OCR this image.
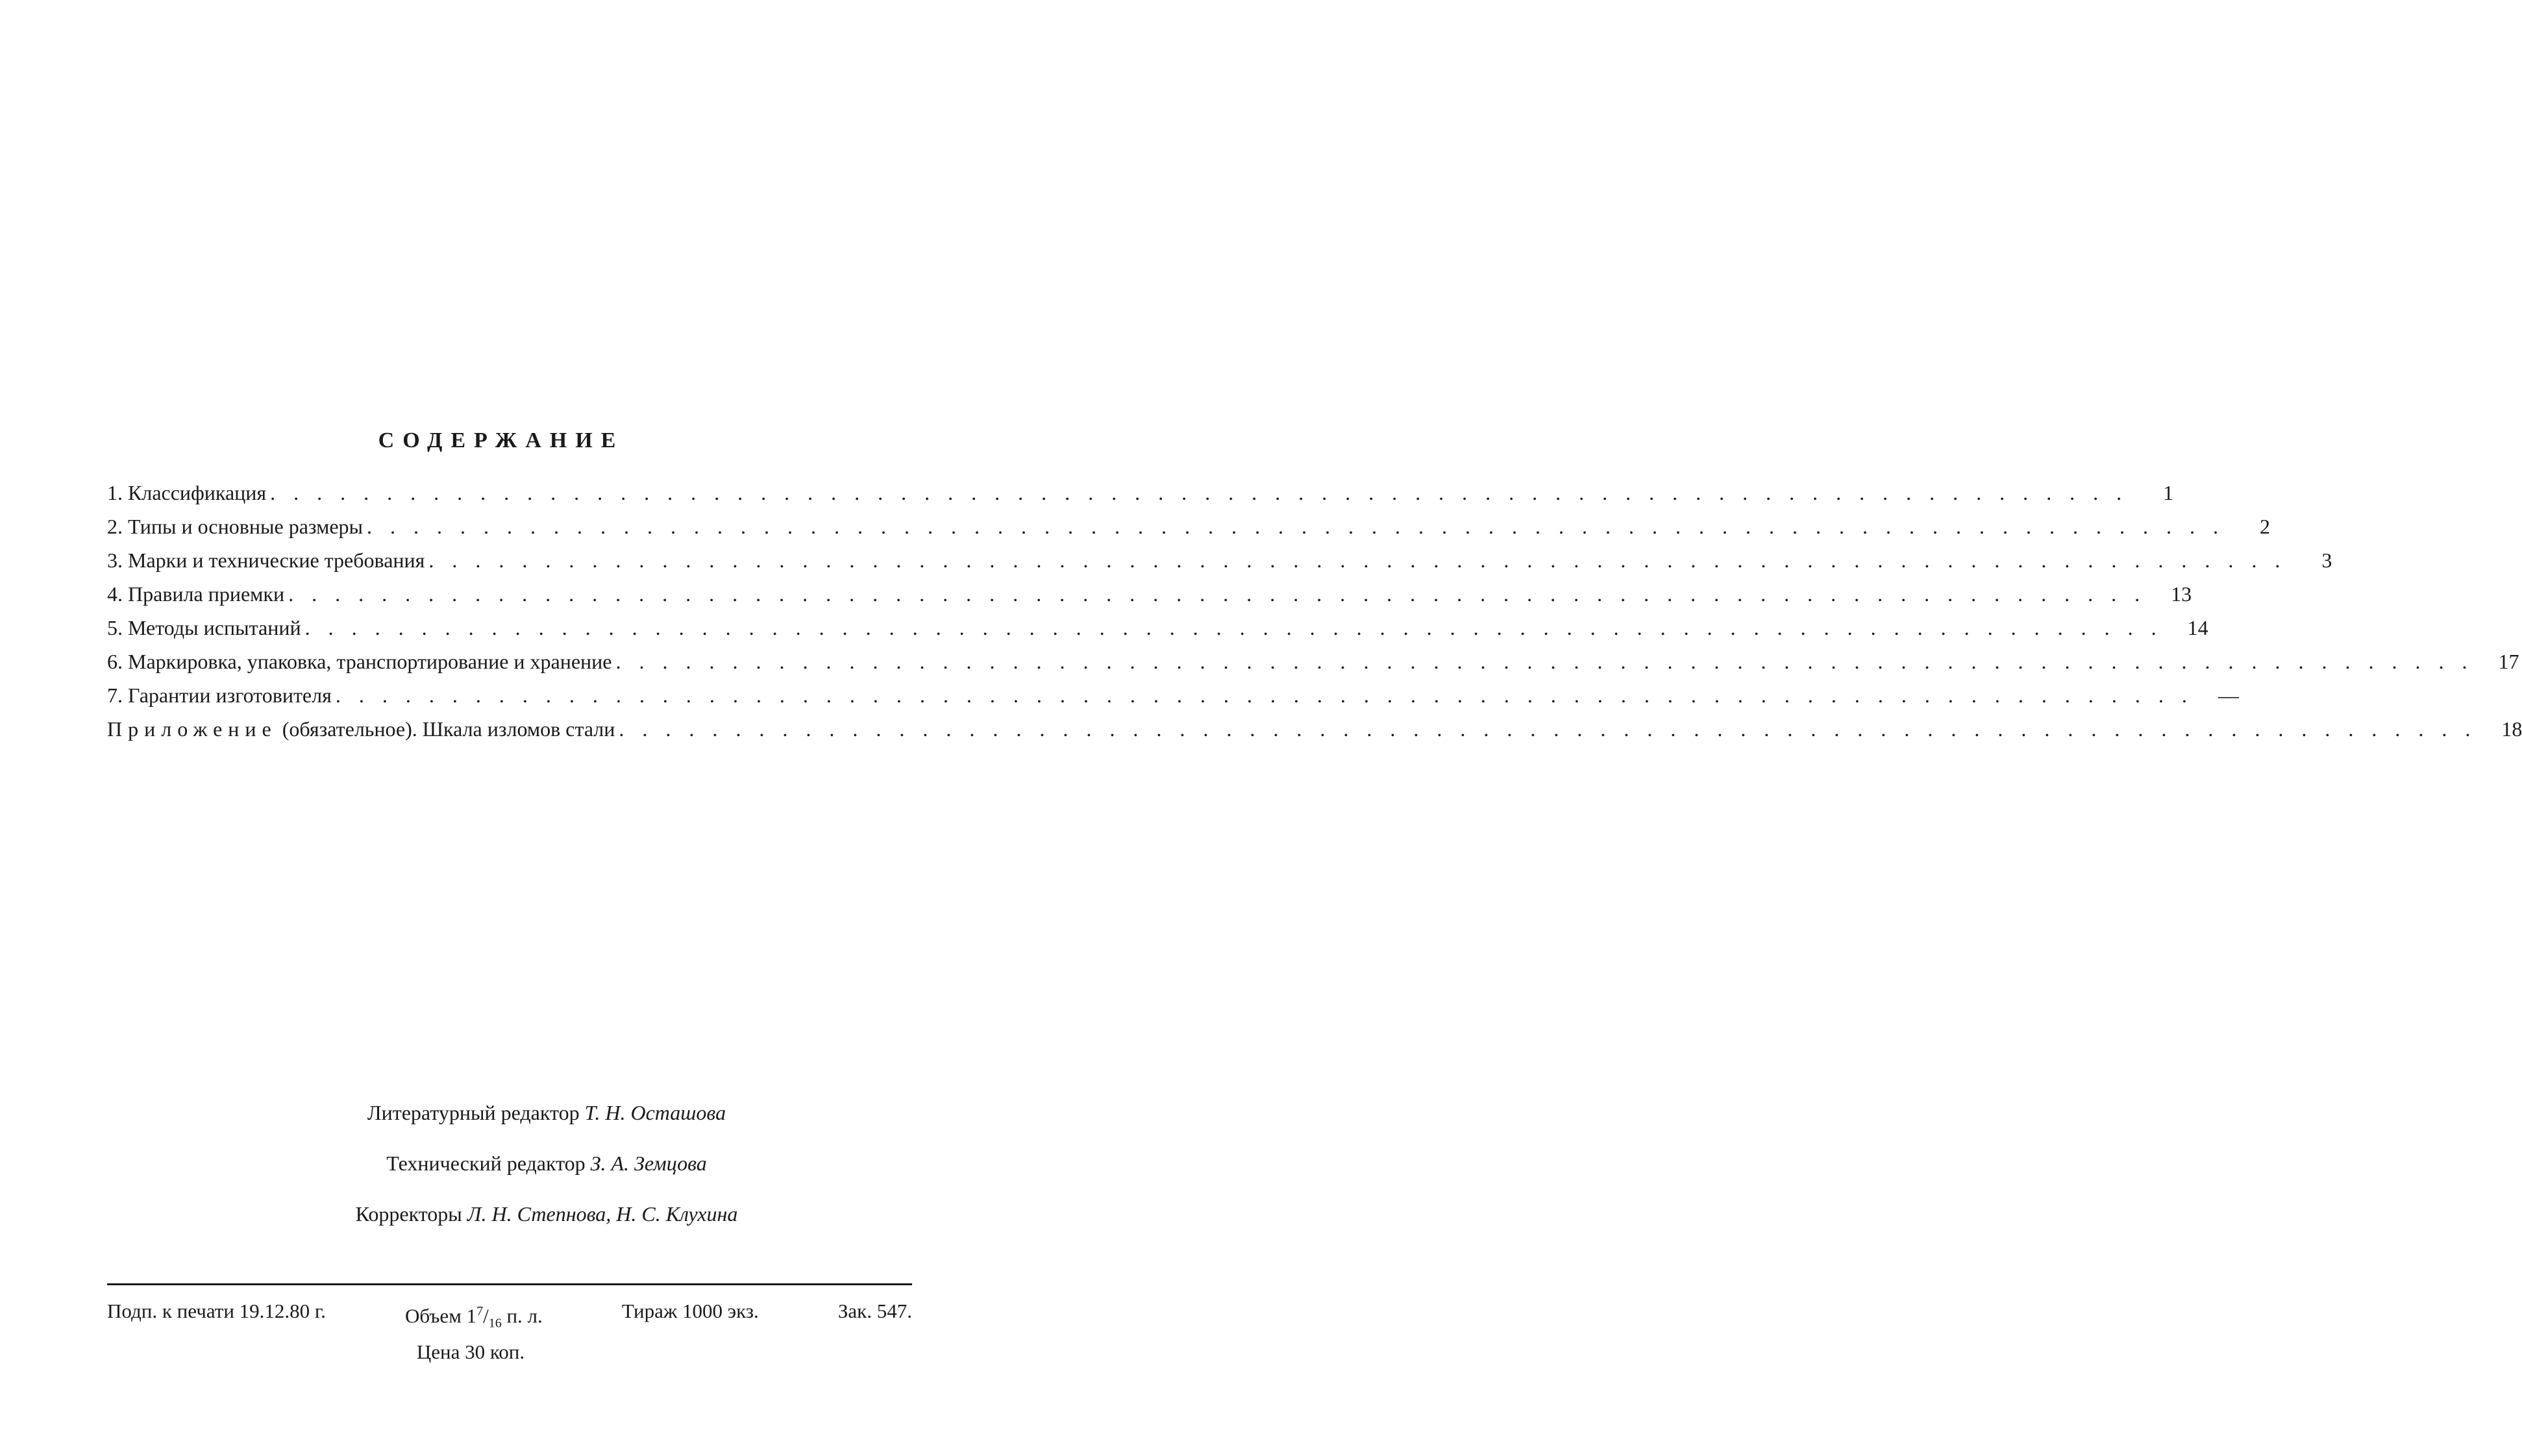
СОДЕРЖАНИЕ
1. Классификация . . . . . . . . . . . . . . . . . . . . . . . . . . . . . . . . . . . . . . . . . . . . . . . . . . . . . . . . . . . . . . . . . . . . . . . . . . . . . . . .	1
2. Типы и основные размеры . . . . . . . . . . . . . . . . . . . . . . . . . . . . . . . . . . . . . . . . . . . . . . . . . . . . . . . . . . . . . . . . . . . . . . . . . . . . . . . .	2
3. Марки и технические требования . . . . . . . . . . . . . . . . . . . . . . . . . . . . . . . . . . . . . . . . . . . . . . . . . . . . . . . . . . . . . . . . . . . . . . . . . . . . . . . .	3
4. Правила приемки . . . . . . . . . . . . . . . . . . . . . . . . . . . . . . . . . . . . . . . . . . . . . . . . . . . . . . . . . . . . . . . . . . . . . . . . . . . . . . . .	13
5. Методы испытаний . . . . . . . . . . . . . . . . . . . . . . . . . . . . . . . . . . . . . . . . . . . . . . . . . . . . . . . . . . . . . . . . . . . . . . . . . . . . . . . .	14
6. Маркировка, упаковка, транспортирование и хранение . . . . . . . . . . . . . . . . . . . . . . . . . . . . . . . . . . . . . . . . . . . . . . . . . . . . . . . . . . . . . . . . . . . . . . . . . . . . . . . .	17
7. Гарантии изготовителя . . . . . . . . . . . . . . . . . . . . . . . . . . . . . . . . . . . . . . . . . . . . . . . . . . . . . . . . . . . . . . . . . . . . . . . . . . . . . . . .	—
Приложение (обязательное). Шкала изломов стали . . . . . . . . . . . . . . . . . . . . . . . . . . . . . . . . . . . . . . . . . . . . . . . . . . . . . . . . . . . . . . . . . . . . . . . . . . . . . . . .	18
Литературный редактор Т. Н. Осташова
Технический редактор З. А. Земцова
Корректоры Л. Н. Степнова, Н. С. Клухина
Подп. к печати 19.12.80 г.	Объем $1^7/_{16}$ п. л.	Тираж 1000 экз.	Зак. 547.
Цена 30 коп.
